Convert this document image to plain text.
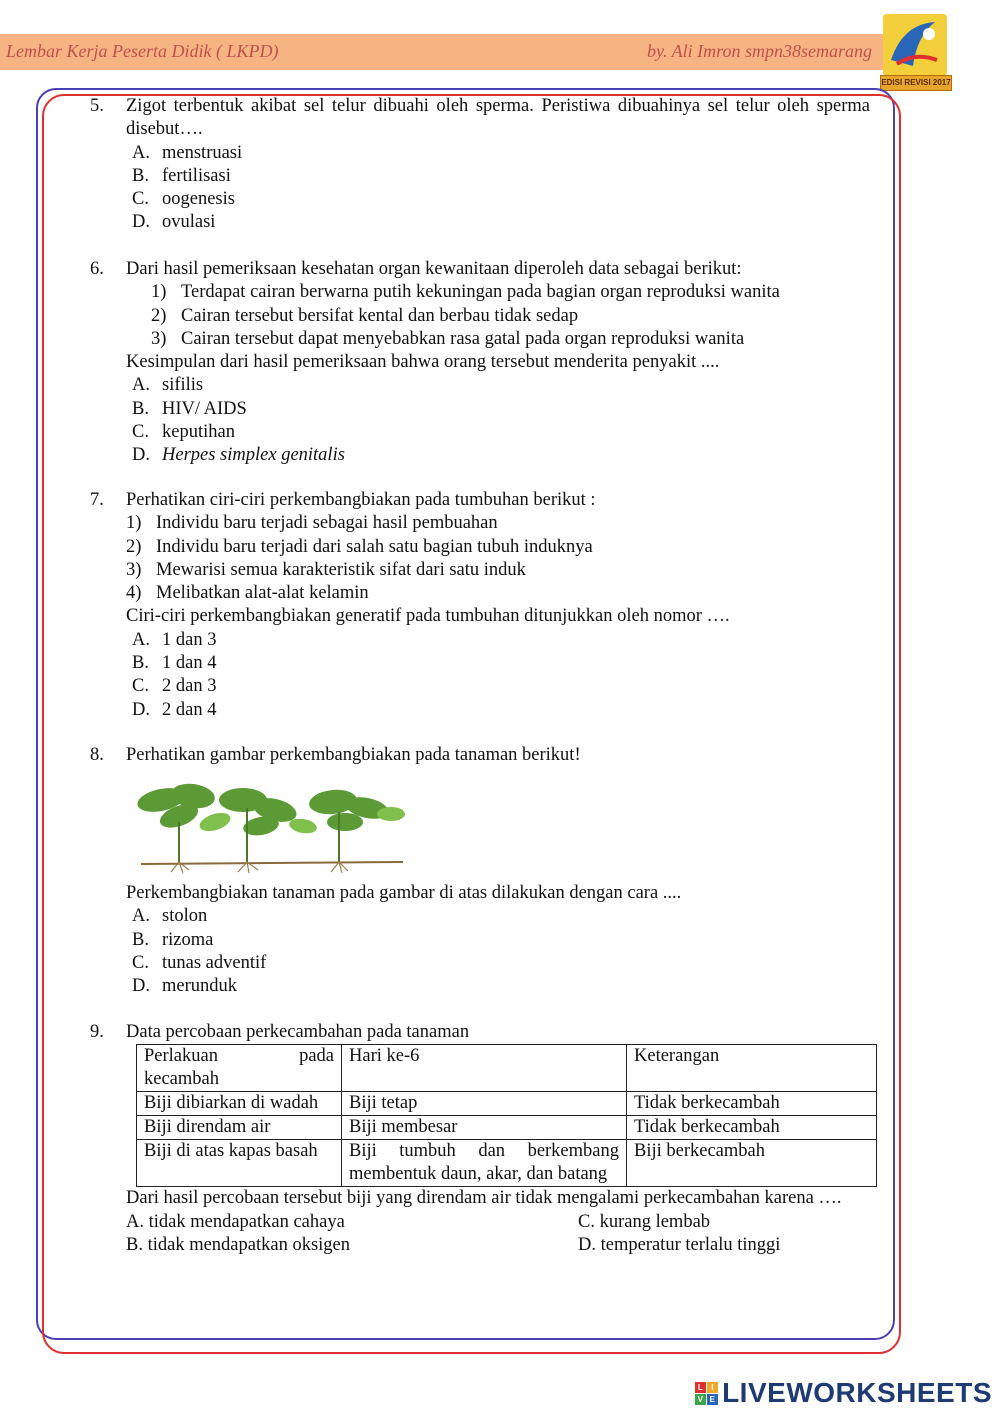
Lembar Kerja Peserta Didik ( LKPD)	by. Ali Imron smpn38semarang
EDISI REVISI 2017
5. Zigot terbentuk akibat sel telur dibuahi oleh sperma. Peristiwa dibuahinya sel telur oleh sperma disebut….
A. menstruasi
B. fertilisasi
C. oogenesis
D. ovulasi
6. Dari hasil pemeriksaan kesehatan organ kewanitaan diperoleh data sebagai berikut:
1) Terdapat cairan berwarna putih kekuningan pada bagian organ reproduksi wanita
2) Cairan tersebut bersifat kental dan berbau tidak sedap
3) Cairan tersebut dapat menyebabkan rasa gatal pada organ reproduksi wanita
Kesimpulan dari hasil pemeriksaan bahwa orang tersebut menderita penyakit ....
A. sifilis
B. HIV/ AIDS
C. keputihan
D. Herpes simplex genitalis
7. Perhatikan ciri-ciri perkembangbiakan pada tumbuhan berikut :
1) Individu baru terjadi sebagai hasil pembuahan
2) Individu baru terjadi dari salah satu bagian tubuh induknya
3) Mewarisi semua karakteristik sifat dari satu induk
4) Melibatkan alat-alat kelamin
Ciri-ciri perkembangbiakan generatif pada tumbuhan ditunjukkan oleh nomor ….
A. 1 dan 3
B. 1 dan 4
C. 2 dan 3
D. 2 dan 4
8. Perhatikan gambar perkembangbiakan pada tanaman berikut!
Perkembangbiakan tanaman pada gambar di atas dilakukan dengan cara ....
A. stolon
B. rizoma
C. tunas adventif
D. merunduk
9. Data percobaan perkecambahan pada tanaman
Perlakuan pada kecambah	Hari ke-6	Keterangan
Biji dibiarkan di wadah	Biji tetap	Tidak berkecambah
Biji direndam air	Biji membesar	Tidak berkecambah
Biji di atas kapas basah	Biji tumbuh dan berkembang membentuk daun, akar, dan batang	Biji berkecambah
Dari hasil percobaan tersebut biji yang direndam air tidak mengalami perkecambahan karena ….
A. tidak mendapatkan cahaya	C. kurang lembab
B. tidak mendapatkan oksigen	D. temperatur terlalu tinggi
L I
V E LIVEWORKSHEETS
